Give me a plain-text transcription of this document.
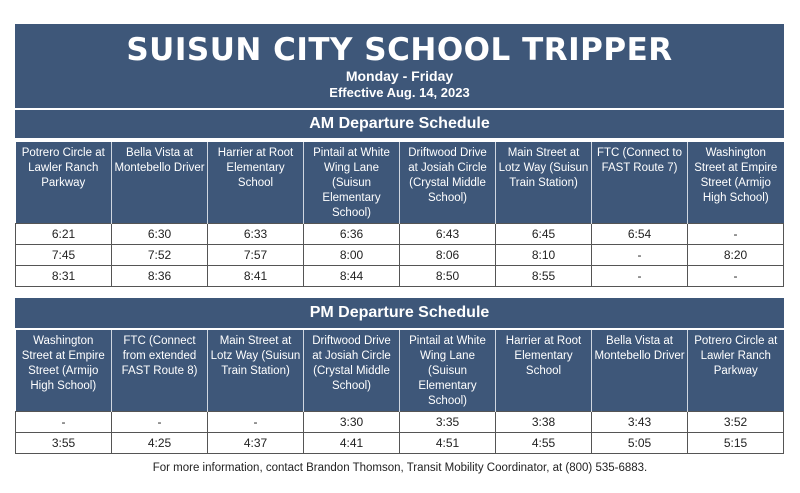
SUISUN CITY SCHOOL TRIPPER
Monday - Friday
Effective Aug. 14, 2023
AM Departure Schedule
Potrero Circle at Lawler Ranch Parkway	Bella Vista at Montebello Driver	Harrier at Root Elementary School	Pintail at White Wing Lane (Suisun Elementary School)	Driftwood Drive at Josiah Circle (Crystal Middle School)	Main Street at Lotz Way (Suisun Train Station)	FTC (Connect to FAST Route 7)	Washington Street at Empire Street (Armijo High School)
6:21	6:30	6:33	6:36	6:43	6:45	6:54	-
7:45	7:52	7:57	8:00	8:06	8:10	-	8:20
8:31	8:36	8:41	8:44	8:50	8:55	-	-
PM Departure Schedule
Washington Street at Empire Street (Armijo High School)	FTC (Connect from extended FAST Route 8)	Main Street at Lotz Way (Suisun Train Station)	Driftwood Drive at Josiah Circle (Crystal Middle School)	Pintail at White Wing Lane (Suisun Elementary School)	Harrier at Root Elementary School	Bella Vista at Montebello Driver	Potrero Circle at Lawler Ranch Parkway
-	-	-	3:30	3:35	3:38	3:43	3:52
3:55	4:25	4:37	4:41	4:51	4:55	5:05	5:15
For more information, contact Brandon Thomson, Transit Mobility Coordinator, at (800) 535-6883.
